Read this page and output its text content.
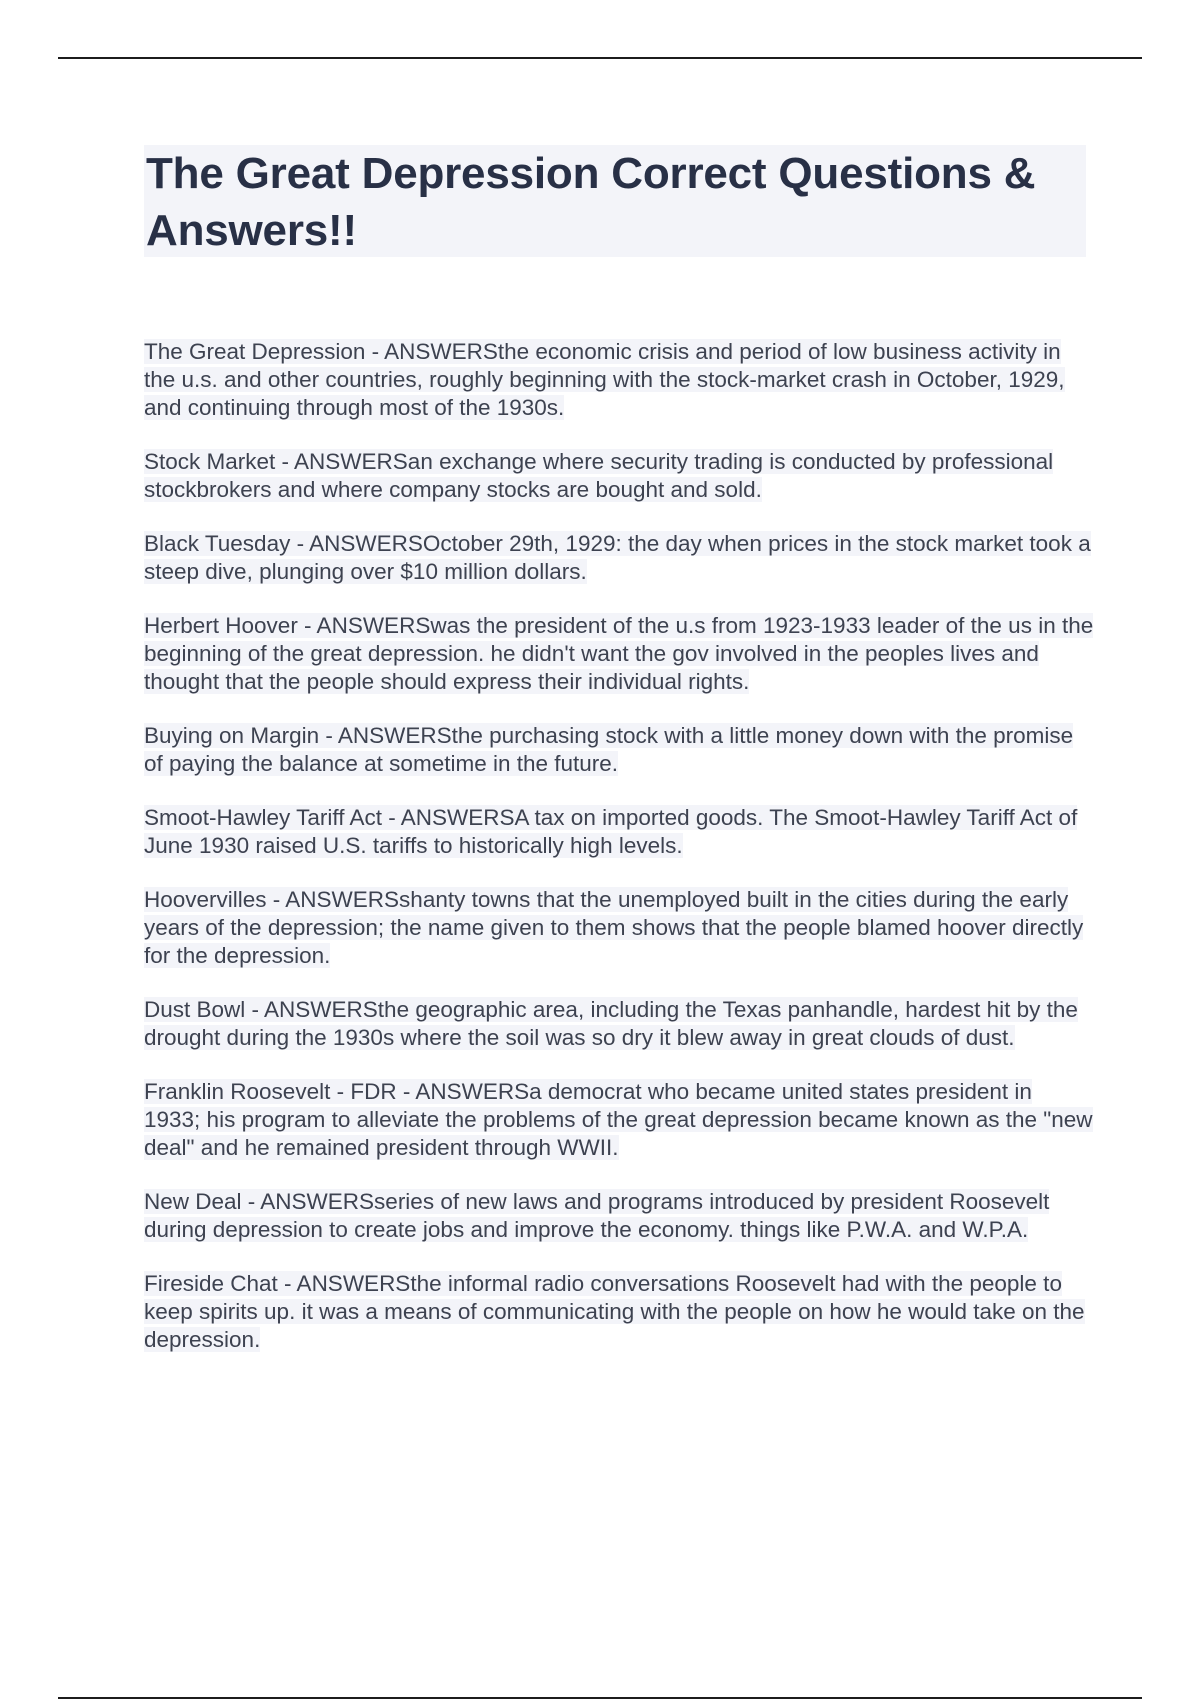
The Great Depression Correct Questions & Answers!!

The Great Depression - ANSWERSthe economic crisis and period of low business activity in the u.s. and other countries, roughly beginning with the stock-market crash in October, 1929, and continuing through most of the 1930s.

Stock Market - ANSWERSan exchange where security trading is conducted by professional stockbrokers and where company stocks are bought and sold.

Black Tuesday - ANSWERSOctober 29th, 1929: the day when prices in the stock market took a steep dive, plunging over $10 million dollars.

Herbert Hoover - ANSWERSwas the president of the u.s from 1923-1933 leader of the us in the beginning of the great depression. he didn't want the gov involved in the peoples lives and thought that the people should express their individual rights.

Buying on Margin - ANSWERSthe purchasing stock with a little money down with the promise of paying the balance at sometime in the future.

Smoot-Hawley Tariff Act - ANSWERSA tax on imported goods. The Smoot-Hawley Tariff Act of June 1930 raised U.S. tariffs to historically high levels.

Hoovervilles - ANSWERSshanty towns that the unemployed built in the cities during the early years of the depression; the name given to them shows that the people blamed hoover directly for the depression.

Dust Bowl - ANSWERSthe geographic area, including the Texas panhandle, hardest hit by the drought during the 1930s where the soil was so dry it blew away in great clouds of dust.

Franklin Roosevelt - FDR - ANSWERSa democrat who became united states president in 1933; his program to alleviate the problems of the great depression became known as the "new deal" and he remained president through WWII.

New Deal - ANSWERSseries of new laws and programs introduced by president Roosevelt during depression to create jobs and improve the economy. things like P.W.A. and W.P.A.

Fireside Chat - ANSWERSthe informal radio conversations Roosevelt had with the people to keep spirits up. it was a means of communicating with the people on how he would take on the depression.
